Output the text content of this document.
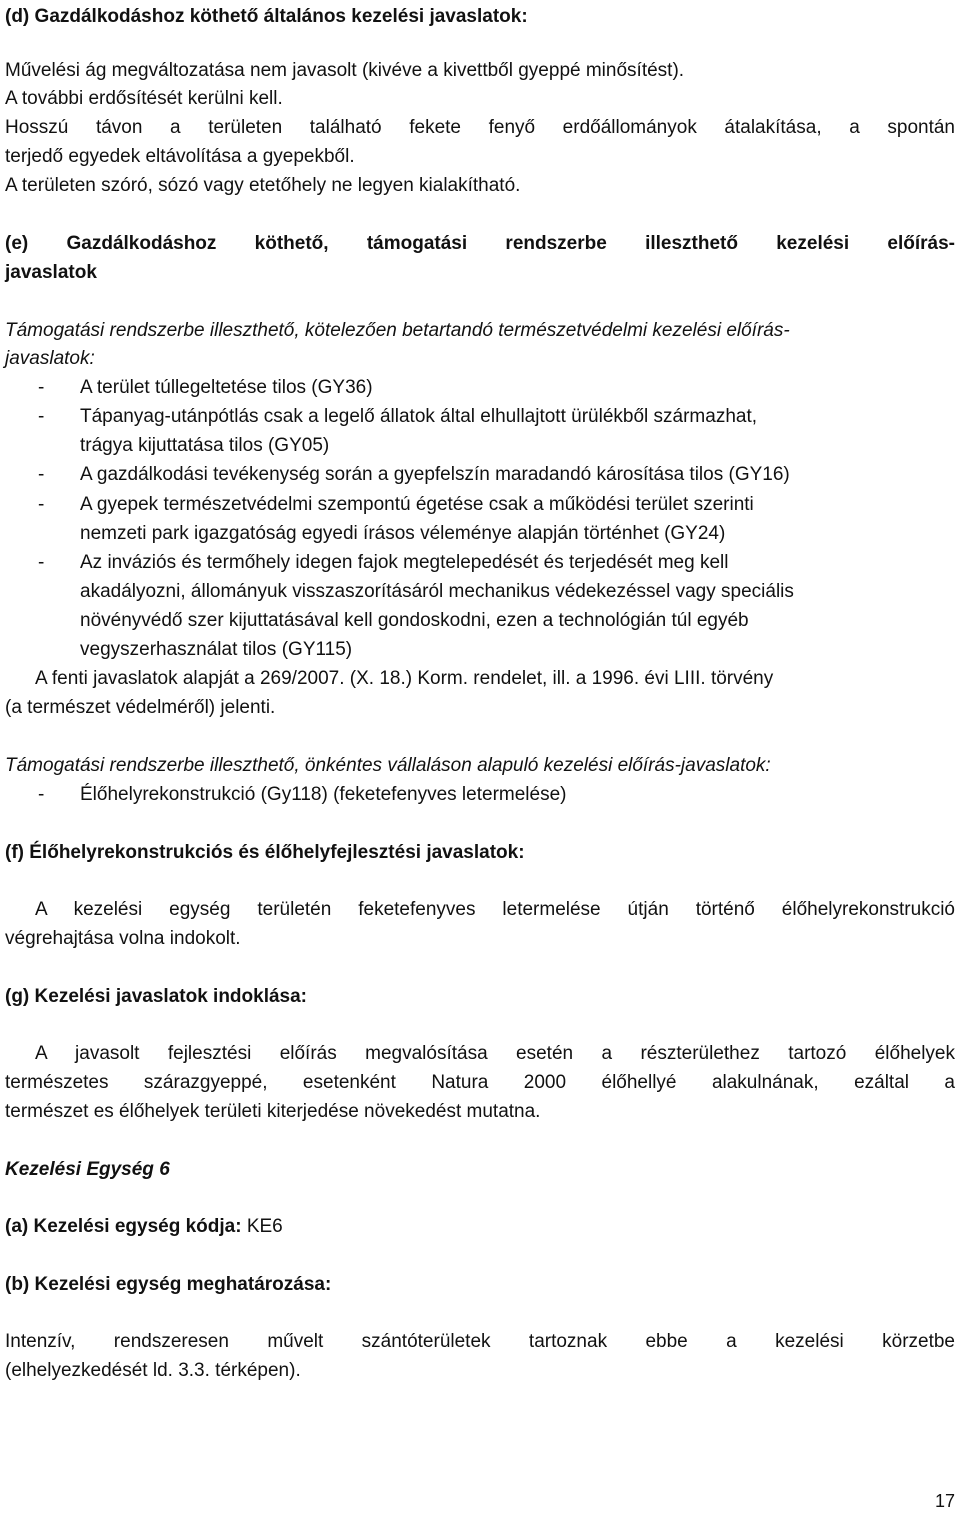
(d) Gazdálkodáshoz köthető általános kezelési javaslatok:
Művelési ág megváltozatása nem javasolt (kivéve a kivettből gyeppé minősítést).
A további erdősítését kerülni kell.
Hosszú távon a területen található fekete fenyő erdőállományok átalakítása, a spontán
terjedő egyedek eltávolítása a gyepekből.
A területen szóró, sózó vagy etetőhely ne legyen kialakítható.
(e) Gazdálkodáshoz köthető, támogatási rendszerbe illeszthető kezelési előírás-
javaslatok
Támogatási rendszerbe illeszthető, kötelezően betartandó természetvédelmi kezelési előírás-
javaslatok:
- A terület túllegeltetése tilos (GY36)
- Tápanyag-utánpótlás csak a legelő állatok által elhullajtott ürülékből származhat,
trágya kijuttatása tilos (GY05)
- A gazdálkodási tevékenység során a gyepfelszín maradandó károsítása tilos (GY16)
- A gyepek természetvédelmi szempontú égetése csak a működési terület szerinti
nemzeti park igazgatóság egyedi írásos véleménye alapján történhet (GY24)
- Az inváziós és termőhely idegen fajok megtelepedését és terjedését meg kell
akadályozni, állományuk visszaszorításáról mechanikus védekezéssel vagy speciális
növényvédő szer kijuttatásával kell gondoskodni, ezen a technológián túl egyéb
vegyszerhasználat tilos (GY115)
A fenti javaslatok alapját a 269/2007. (X. 18.) Korm. rendelet, ill. a 1996. évi LIII. törvény
(a természet védelméről) jelenti.
Támogatási rendszerbe illeszthető, önkéntes vállaláson alapuló kezelési előírás-javaslatok:
- Élőhelyrekonstrukció (Gy118) (feketefenyves letermelése)
(f) Élőhelyrekonstrukciós és élőhelyfejlesztési javaslatok:
A kezelési egység területén feketefenyves letermelése útján történő élőhelyrekonstrukció
végrehajtása volna indokolt.
(g) Kezelési javaslatok indoklása:
A javasolt fejlesztési előírás megvalósítása esetén a részterülethez tartozó élőhelyek
természetes szárazgyeppé, esetenként Natura 2000 élőhellyé alakulnának, ezáltal a
természet es élőhelyek területi kiterjedése növekedést mutatna.
Kezelési Egység 6
(a) Kezelési egység kódja: KE6
(b) Kezelési egység meghatározása:
Intenzív, rendszeresen művelt szántóterületek tartoznak ebbe a kezelési körzetbe
(elhelyezkedését ld. 3.3. térképen).
17
